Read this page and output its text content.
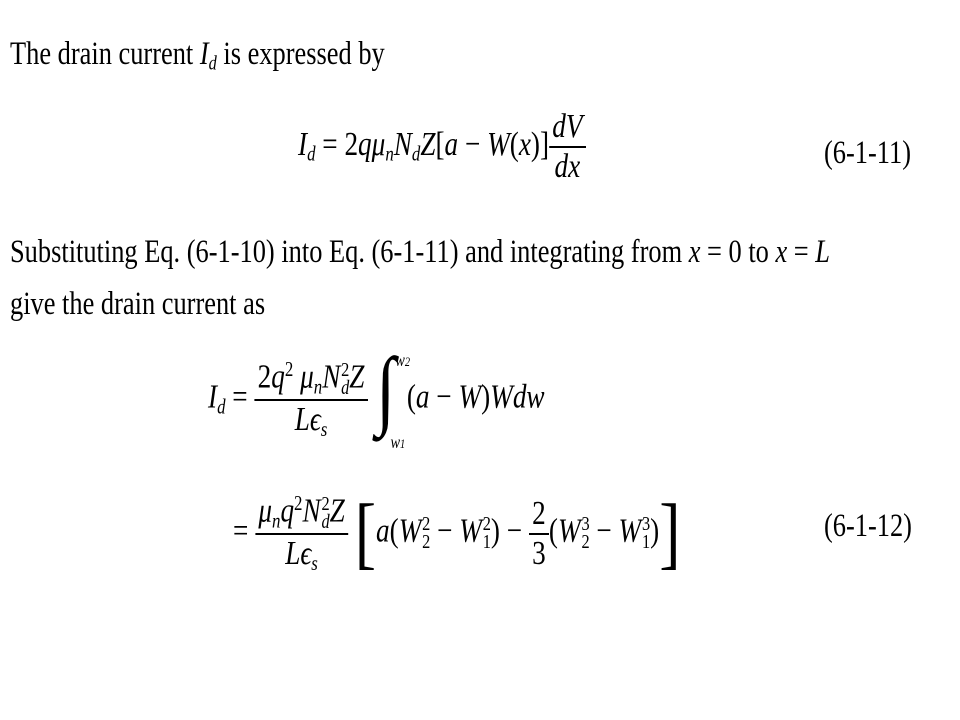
The drain current $I_d$ is expressed by
$I_d = 2q\mu_nN_dZ[a - W(x)] \frac{dV}{dx}$	(6-1-11)
Substituting Eq. (6-1-10) into Eq. (6-1-11) and integrating from x = 0 to x = L
give the drain current as
$I_d = 2q^2$ $\mu_nN$ 2
d Z
$L\epsilon_s$
∫ w2
w1
(a − W)Wdw
= $\mu_nq^2N$ 2
d Z
$L\epsilon_s$ [a(W 2
2 − W 2
1 ) − $\frac{2}{3} (W$ 3
2 − W 3
1 )]	(6-1-12)
